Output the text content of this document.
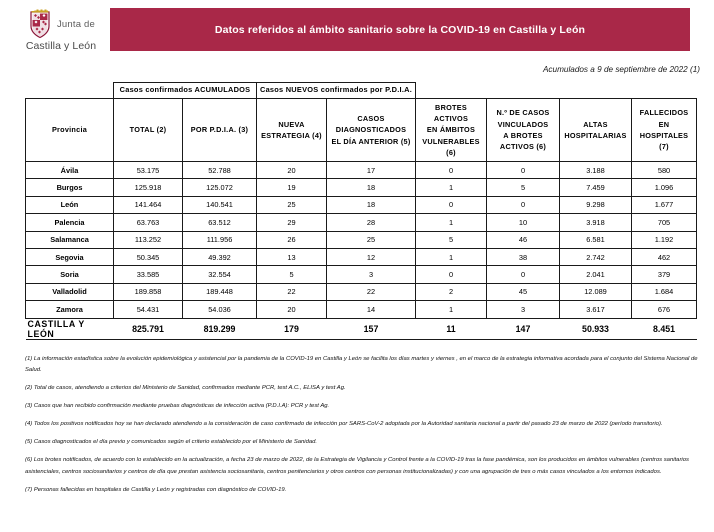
Junta de
Castilla y León
Datos referidos al ámbito sanitario sobre la COVID-19 en Castilla y León
Acumulados a 9 de septiembre de 2022 (1)
	Casos confirmados ACUMULADOS		Casos NUEVOS confirmados por P.D.I.A.					
Provincia	TOTAL (2)	POR P.D.I.A. (3)

NUEVA
ESTRATEGIA (4)

CASOS
DIAGNOSTICADOS
EL DÍA ANTERIOR (5)

BROTES
ACTIVOS
EN ÁMBITOS
VULNERABLES
(6)

N.º DE CASOS
VINCULADOS
A BROTES
ACTIVOS (6)

ALTAS
HOSPITALARIAS

FALLECIDOS
EN
HOSPITALES
(7)

Ávila	53.175	52.788	20	17	0	0	3.188	580
Burgos	125.918	125.072	19	18	1	5	7.459	1.096
León	141.464	140.541	25	18	0	0	9.298	1.677
Palencia	63.763	63.512	29	28	1	10	3.918	705
Salamanca	113.252	111.956	26	25	5	46	6.581	1.192
Segovia	50.345	49.392	13	12	1	38	2.742	462
Soria	33.585	32.554	5	3	0	0	2.041	379
Valladolid	189.858	189.448	22	22	2	45	12.089	1.684
Zamora	54.431	54.036	20	14	1	3	3.617	676
CASTILLA Y LEÓN	825.791	819.299	179	157	11	147	50.933	8.451
(1) La información estadística sobre la evolución epidemiológica y asistencial por la pandemia de la COVID-19 en Castilla y León se facilita los días martes y viernes , en el marco de la estrategia informativa acordada para el conjunto del Sistema Nacional de Salud.
(2) Total de casos, atendiendo a criterios del Ministerio de Sanidad, confirmados mediante PCR, test A.C., ELISA y test Ag.
(3) Casos que han recibido confirmación mediante pruebas diagnósticas de infección activa (P.D.I.A): PCR y test Ag.
(4) Todos los positivos notificados hoy se han declarado atendiendo a la consideración de caso confirmado de infección por SARS-CoV-2 adoptada por la Autoridad sanitaria nacional a partir del pasado 23 de marzo de 2022 (período transitorio).
(5) Casos diagnosticados el día previo y comunicados según el criterio establecido por el Ministerio de Sanidad.
(6) Los brotes notificados, de acuerdo con lo establecido en la actualización, a fecha 23 de marzo de 2022, de la Estrategia de Vigilancia y Control frente a la COVID-19 tras la fase pandémica, son los producidos en ámbitos vulnerables (centros sanitarios asistenciales, centros sociosanitarios y centros de día que prestan asistencia sociosanitaria, centros penitenciarios y otros centros con personas institucionalizadas) y con una agrupación de tres o más casos vinculados a los entornos indicados.
(7) Personas fallecidas en hospitales de Castilla y León y registradas con diagnóstico de COVID-19.
